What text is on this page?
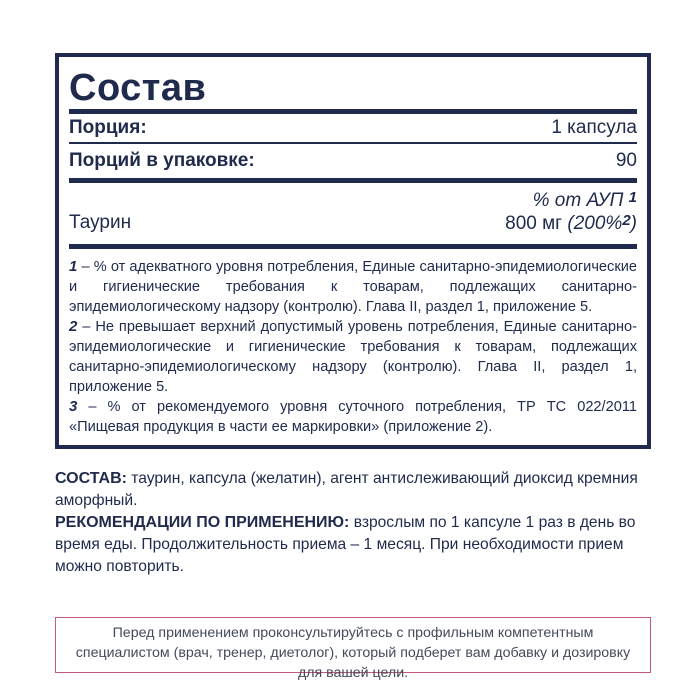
Состав
Порция:	1 капсула
Порций в упаковке:	90
% от АУП $^1$
Таурин	800 мг (200%$^2$)

1 – % от адекватного уровня потребления, Единые санитарно-эпидемиологические и гигиенические требования к товарам, подлежащих санитарно-эпидемиологическому надзору (контролю). Глава II, раздел 1, приложение 5.

2 – Не превышает верхний допустимый уровень потребления, Единые санитарно-эпидемиологические и гигиенические требования к товарам, подлежащих санитарно-эпидемиологическому надзору (контролю). Глава II, раздел 1, приложение 5.

3 – % от рекомендуемого уровня суточного потребления, ТР ТС 022/2011 «Пищевая продукция в части ее маркировки» (приложение 2).

СОСТАВ: таурин, капсула (желатин), агент антислеживающий диоксид кремния аморфный.

РЕКОМЕНДАЦИИ ПО ПРИМЕНЕНИЮ: взрослым по 1 капсуле 1 раз в день во время еды. Продолжительность приема – 1 месяц. При необходимости прием можно повторить.

Перед применением проконсультируйтесь с профильным компетентным специалистом (врач, тренер, диетолог), который подберет вам добавку и дозировку для вашей цели.
